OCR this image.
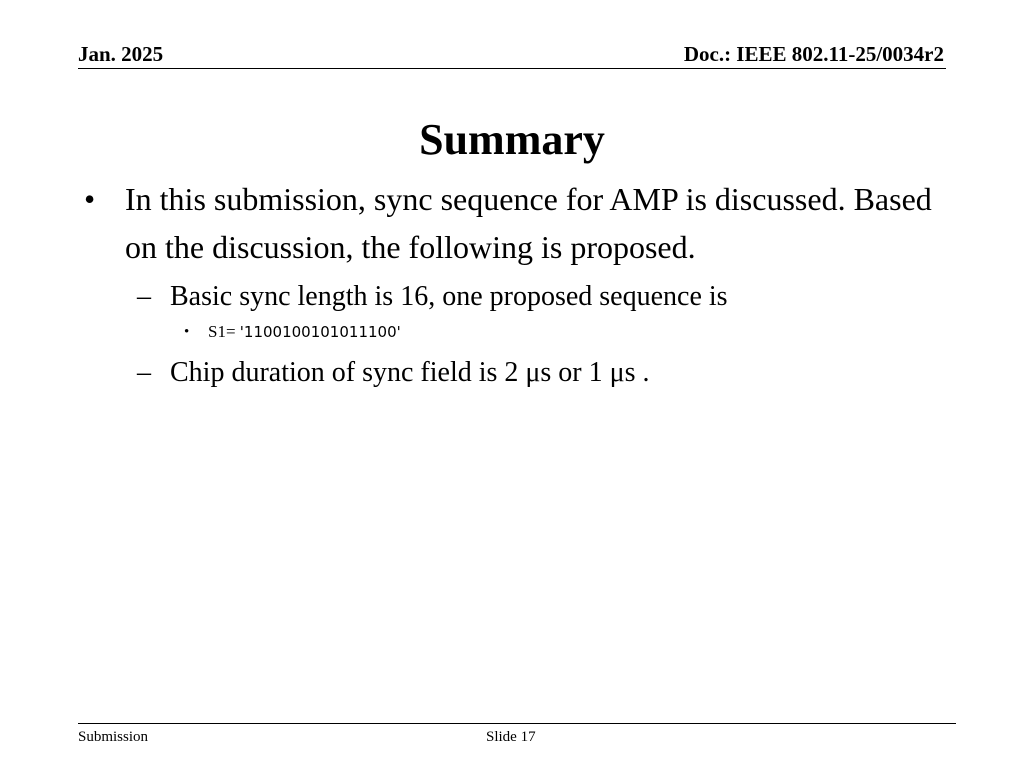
Jan. 2025	Doc.: IEEE 802.11-25/0034r2
Summary
• In this submission, sync sequence for AMP is discussed. Based on the discussion, the following is proposed.
– Basic sync length is 16, one proposed sequence is
• S1= '1100100101011100'
– Chip duration of sync field is 2 μs or 1 μs .
Submission	Slide 17
